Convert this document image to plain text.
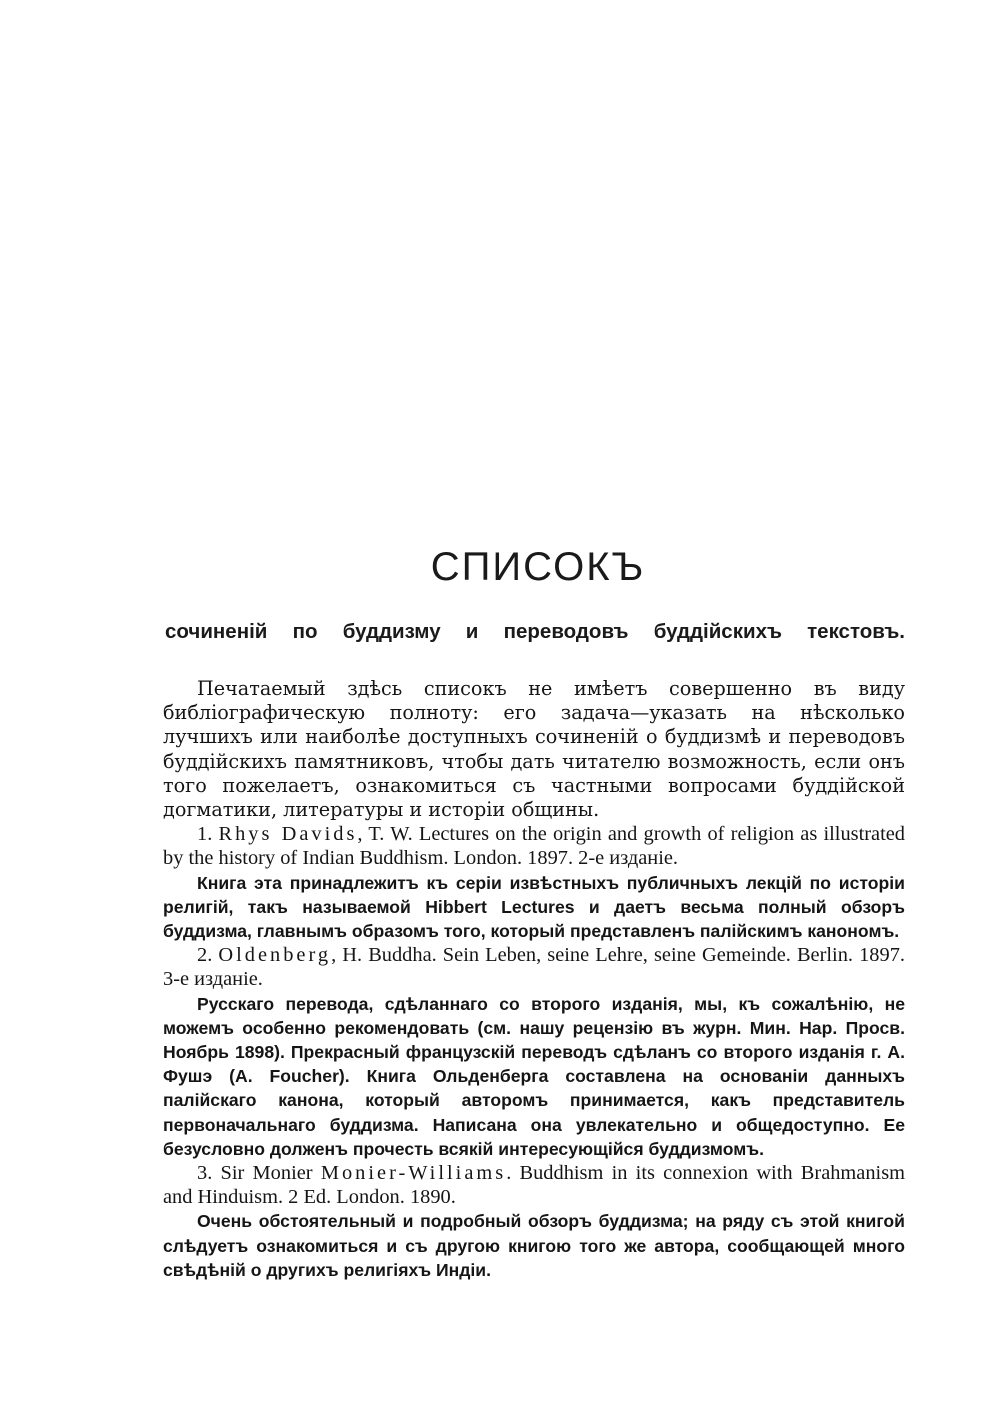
СПИСОКЪ
сочиненій по буддизму и переводовъ буддійскихъ текстовъ.

Печатаемый здѣсь списокъ не имѣетъ совершенно въ виду библіографическую полноту: его задача—указать на нѣсколько лучшихъ или наиболѣе доступныхъ сочиненій о буддизмѣ и переводовъ буддійскихъ памятниковъ, чтобы дать читателю возможность, если онъ того пожелаетъ, ознакомиться съ частными вопросами буддійской догматики, литературы и исторіи общины.

1. Rhys Davids, T. W. Lectures on the origin and growth of religion as illustrated by the history of Indian Buddhism. London. 1897. 2-е изданіе.

Книга эта принадлежитъ къ серіи извѣстныхъ публичныхъ лекцій по исторіи религій, такъ называемой Hibbert Lectures и даетъ весьма полный обзоръ буддизма, главнымъ образомъ того, который представленъ палійскимъ канономъ.

2. Oldenberg, H. Buddha. Sein Leben, seine Lehre, seine Gemeinde. Berlin. 1897. 3-е изданіе.

Русскаго перевода, сдѣланнаго со второго изданія, мы, къ сожалѣнію, не можемъ особенно рекомендовать (см. нашу рецензію въ журн. Мин. Нар. Просв. Ноябрь 1898). Прекрасный французскій переводъ сдѣланъ со второго изданія г. А. Фушэ (A. Foucher). Книга Ольденберга составлена на основаніи данныхъ палійскаго канона, который авторомъ принимается, какъ представитель первоначальнаго буддизма. Написана она увлекательно и общедоступно. Ее безусловно долженъ прочесть всякій интересующійся буддизмомъ.

3. Sir Monier Monier-Williams. Buddhism in its connexion with Brahmanism and Hinduism. 2 Ed. London. 1890.

Очень обстоятельный и подробный обзоръ буддизма; на ряду съ этой книгой слѣдуетъ ознакомиться и съ другою книгою того же автора, сообщающей много свѣдѣній о другихъ религіяхъ Индіи.
